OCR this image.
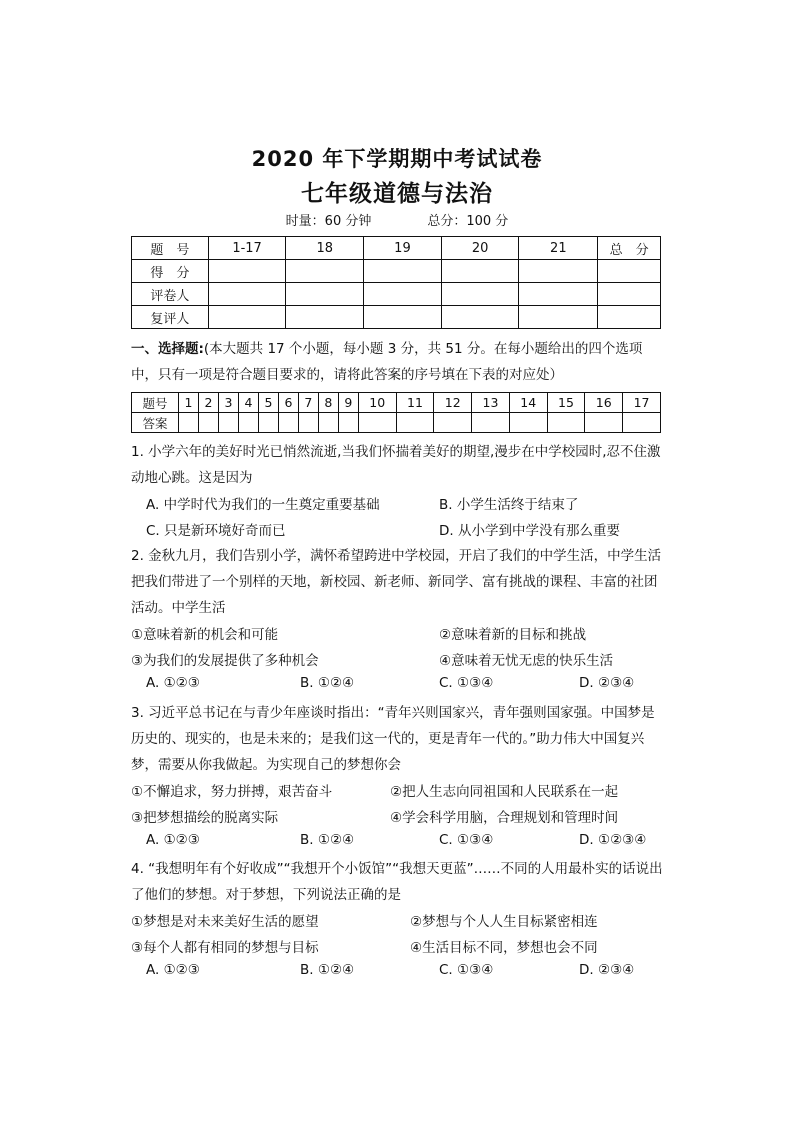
2020 年下学期期中考试试卷
七年级道德与法治
时量：60 分钟	总分：100 分
题　号	1-17	18	19	20	21	总　分
得　分						
评卷人						
复评人						
一、选择题:(本大题共 17 个小题，每小题 3 分，共 51 分。在每小题给出的四个选项中，只有一项是符合题目要求的，请将此答案的序号填在下表的对应处）
题号	1	2	3	4	5	6	7	8	9	10	11	12	13	14	15	16	17
答案																	
1. 小学六年的美好时光已悄然流逝,当我们怀揣着美好的期望,漫步在中学校园时,忍不住激动地心跳。这是因为
A. 中学时代为我们的一生奠定重要基础	B. 小学生活终于结束了
C. 只是新环境好奇而已	D. 从小学到中学没有那么重要
2. 金秋九月，我们告别小学，满怀希望跨进中学校园，开启了我们的中学生活，中学生活把我们带进了一个别样的天地，新校园、新老师、新同学、富有挑战的课程、丰富的社团活动。中学生活
①意味着新的机会和可能	②意味着新的目标和挑战
③为我们的发展提供了多种机会	④意味着无忧无虑的快乐生活
A. ①②③	B. ①②④	C. ①③④	D. ②③④
3. 习近平总书记在与青少年座谈时指出：“青年兴则国家兴，青年强则国家强。中国梦是历史的、现实的，也是未来的；是我们这一代的，更是青年一代的。”助力伟大中国复兴梦，需要从你我做起。为实现自己的梦想你会
①不懈追求，努力拼搏，艰苦奋斗	②把人生志向同祖国和人民联系在一起
③把梦想描绘的脱离实际	④学会科学用脑，合理规划和管理时间
A. ①②③	B. ①②④	C. ①③④	D. ①②③④
4. “我想明年有个好收成”“我想开个小饭馆”“我想天更蓝”……不同的人用最朴实的话说出了他们的梦想。对于梦想，下列说法正确的是
①梦想是对未来美好生活的愿望	②梦想与个人人生目标紧密相连
③每个人都有相同的梦想与目标	④生活目标不同，梦想也会不同
A. ①②③	B. ①②④	C. ①③④	D. ②③④
